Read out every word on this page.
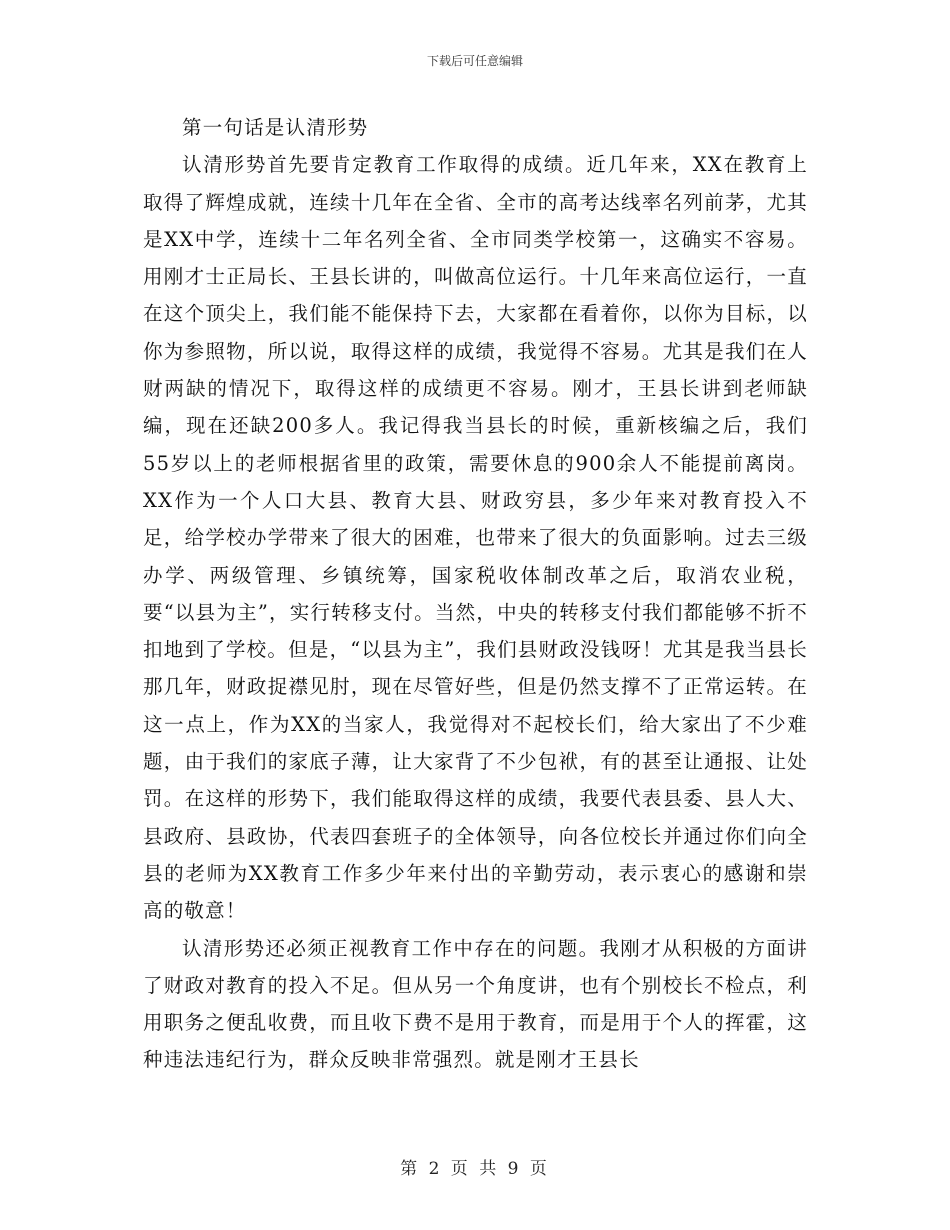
下载后可任意编辑

第一句话是认清形势

认清形势首先要肯定教育工作取得的成绩。近几年来，XX在教育上取得了辉煌成就，连续十几年在全省、全市的高考达线率名列前茅，尤其是XX中学，连续十二年名列全省、全市同类学校第一，这确实不容易。用刚才士正局长、王县长讲的，叫做高位运行。十几年来高位运行，一直在这个顶尖上，我们能不能保持下去，大家都在看着你，以你为目标，以你为参照物，所以说，取得这样的成绩，我觉得不容易。尤其是我们在人财两缺的情况下，取得这样的成绩更不容易。刚才，王县长讲到老师缺编，现在还缺200多人。我记得我当县长的时候，重新核编之后，我们55岁以上的老师根据省里的政策，需要休息的900余人不能提前离岗。XX作为一个人口大县、教育大县、财政穷县，多少年来对教育投入不足，给学校办学带来了很大的困难，也带来了很大的负面影响。过去三级办学、两级管理、乡镇统筹，国家税收体制改革之后，取消农业税，要“以县为主”，实行转移支付。当然，中央的转移支付我们都能够不折不扣地到了学校。但是，“以县为主”，我们县财政没钱呀！尤其是我当县长那几年，财政捉襟见肘，现在尽管好些，但是仍然支撑不了正常运转。在这一点上，作为XX的当家人，我觉得对不起校长们，给大家出了不少难题，由于我们的家底子薄，让大家背了不少包袱，有的甚至让通报、让处罚。在这样的形势下，我们能取得这样的成绩，我要代表县委、县人大、县政府、县政协，代表四套班子的全体领导，向各位校长并通过你们向全县的老师为XX教育工作多少年来付出的辛勤劳动，表示衷心的感谢和崇高的敬意！

认清形势还必须正视教育工作中存在的问题。我刚才从积极的方面讲了财政对教育的投入不足。但从另一个角度讲，也有个别校长不检点，利用职务之便乱收费，而且收下费不是用于教育，而是用于个人的挥霍，这种违法违纪行为，群众反映非常强烈。就是刚才王县长

第 2 页 共 9 页
